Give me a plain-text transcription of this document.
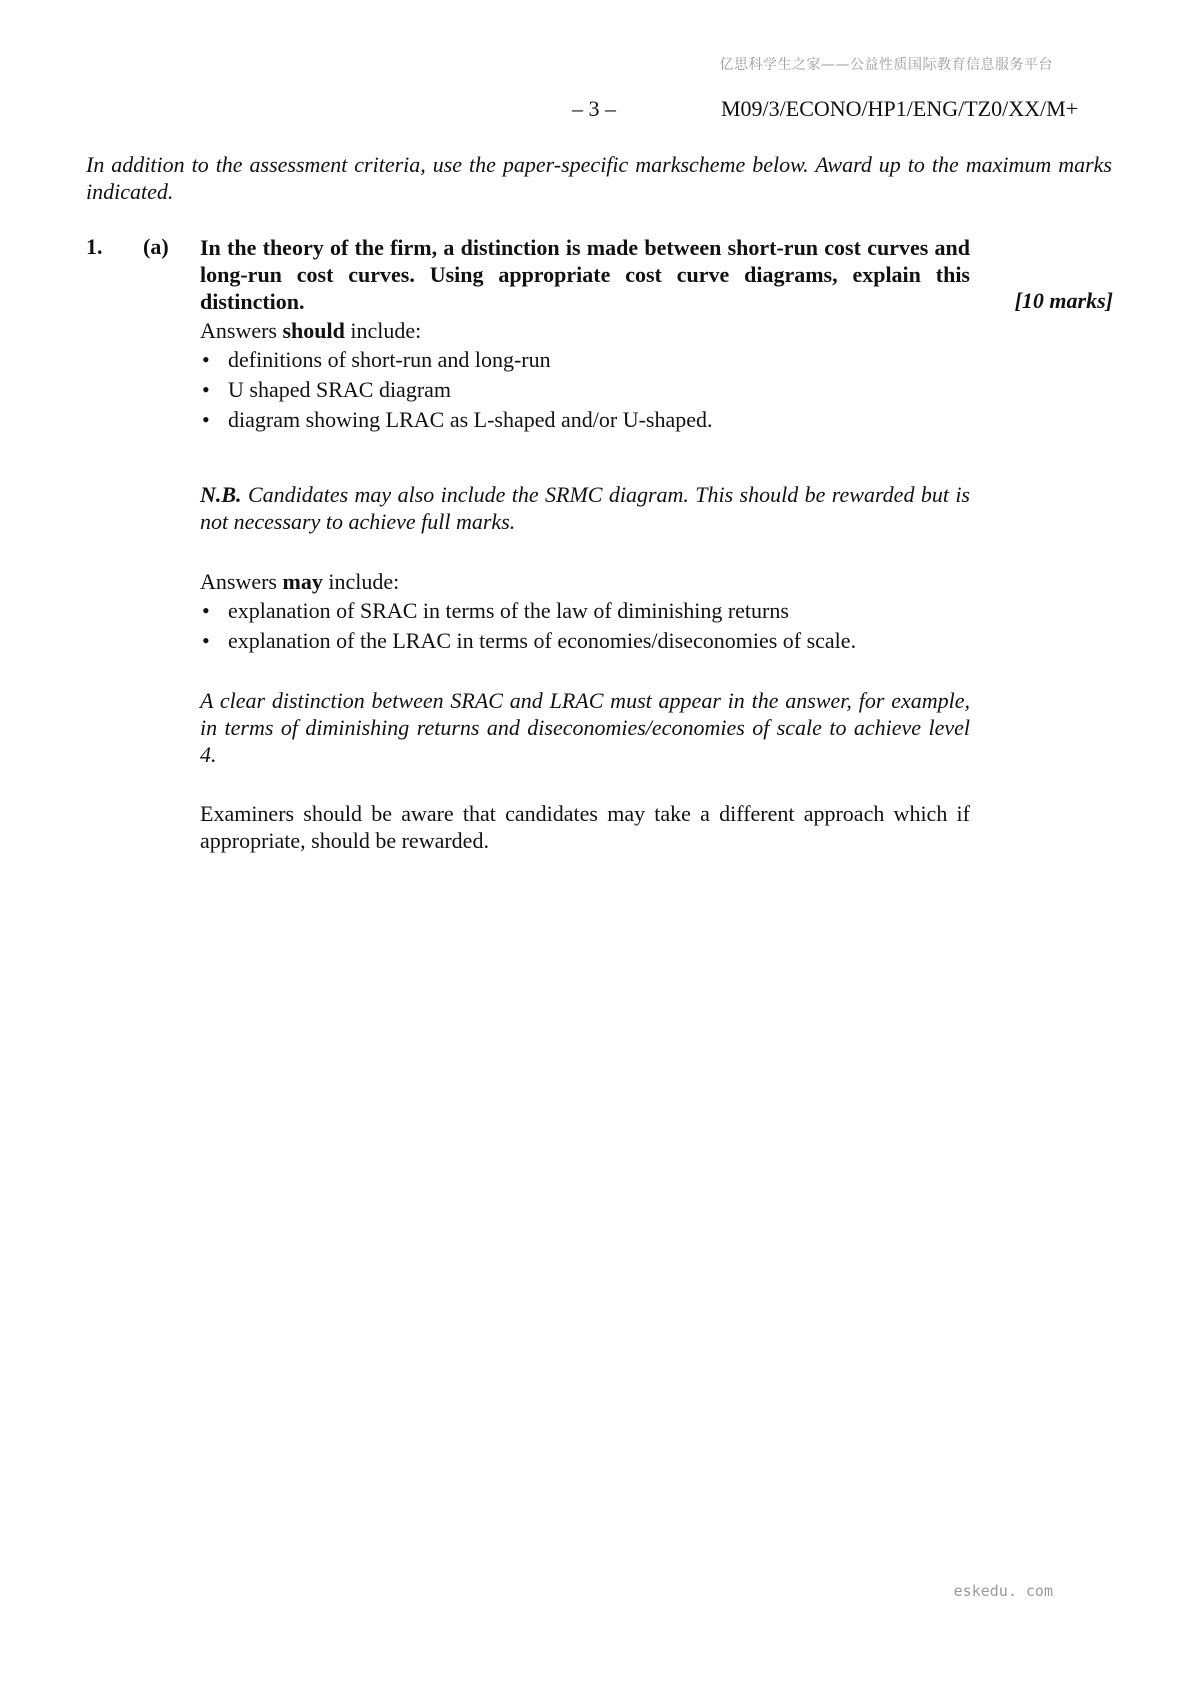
亿思科学生之家——公益性质国际教育信息服务平台
– 3 –	M09/3/ECONO/HP1/ENG/TZ0/XX/M+

In addition to the assessment criteria, use the paper-specific markscheme below. Award up to the maximum marks indicated.

1. (a) In the theory of the firm, a distinction is made between short-run cost curves and long-run cost curves. Using appropriate cost curve diagrams, explain this distinction.	[10 marks]

Answers should include:

• definitions of short-run and long-run
• U shaped SRAC diagram
• diagram showing LRAC as L-shaped and/or U-shaped.

N.B. Candidates may also include the SRMC diagram. This should be rewarded but is not necessary to achieve full marks.

Answers may include:

• explanation of SRAC in terms of the law of diminishing returns
• explanation of the LRAC in terms of economies/diseconomies of scale.

A clear distinction between SRAC and LRAC must appear in the answer, for example, in terms of diminishing returns and diseconomies/economies of scale to achieve level 4.

Examiners should be aware that candidates may take a different approach which if appropriate, should be rewarded.

eskedu. com
